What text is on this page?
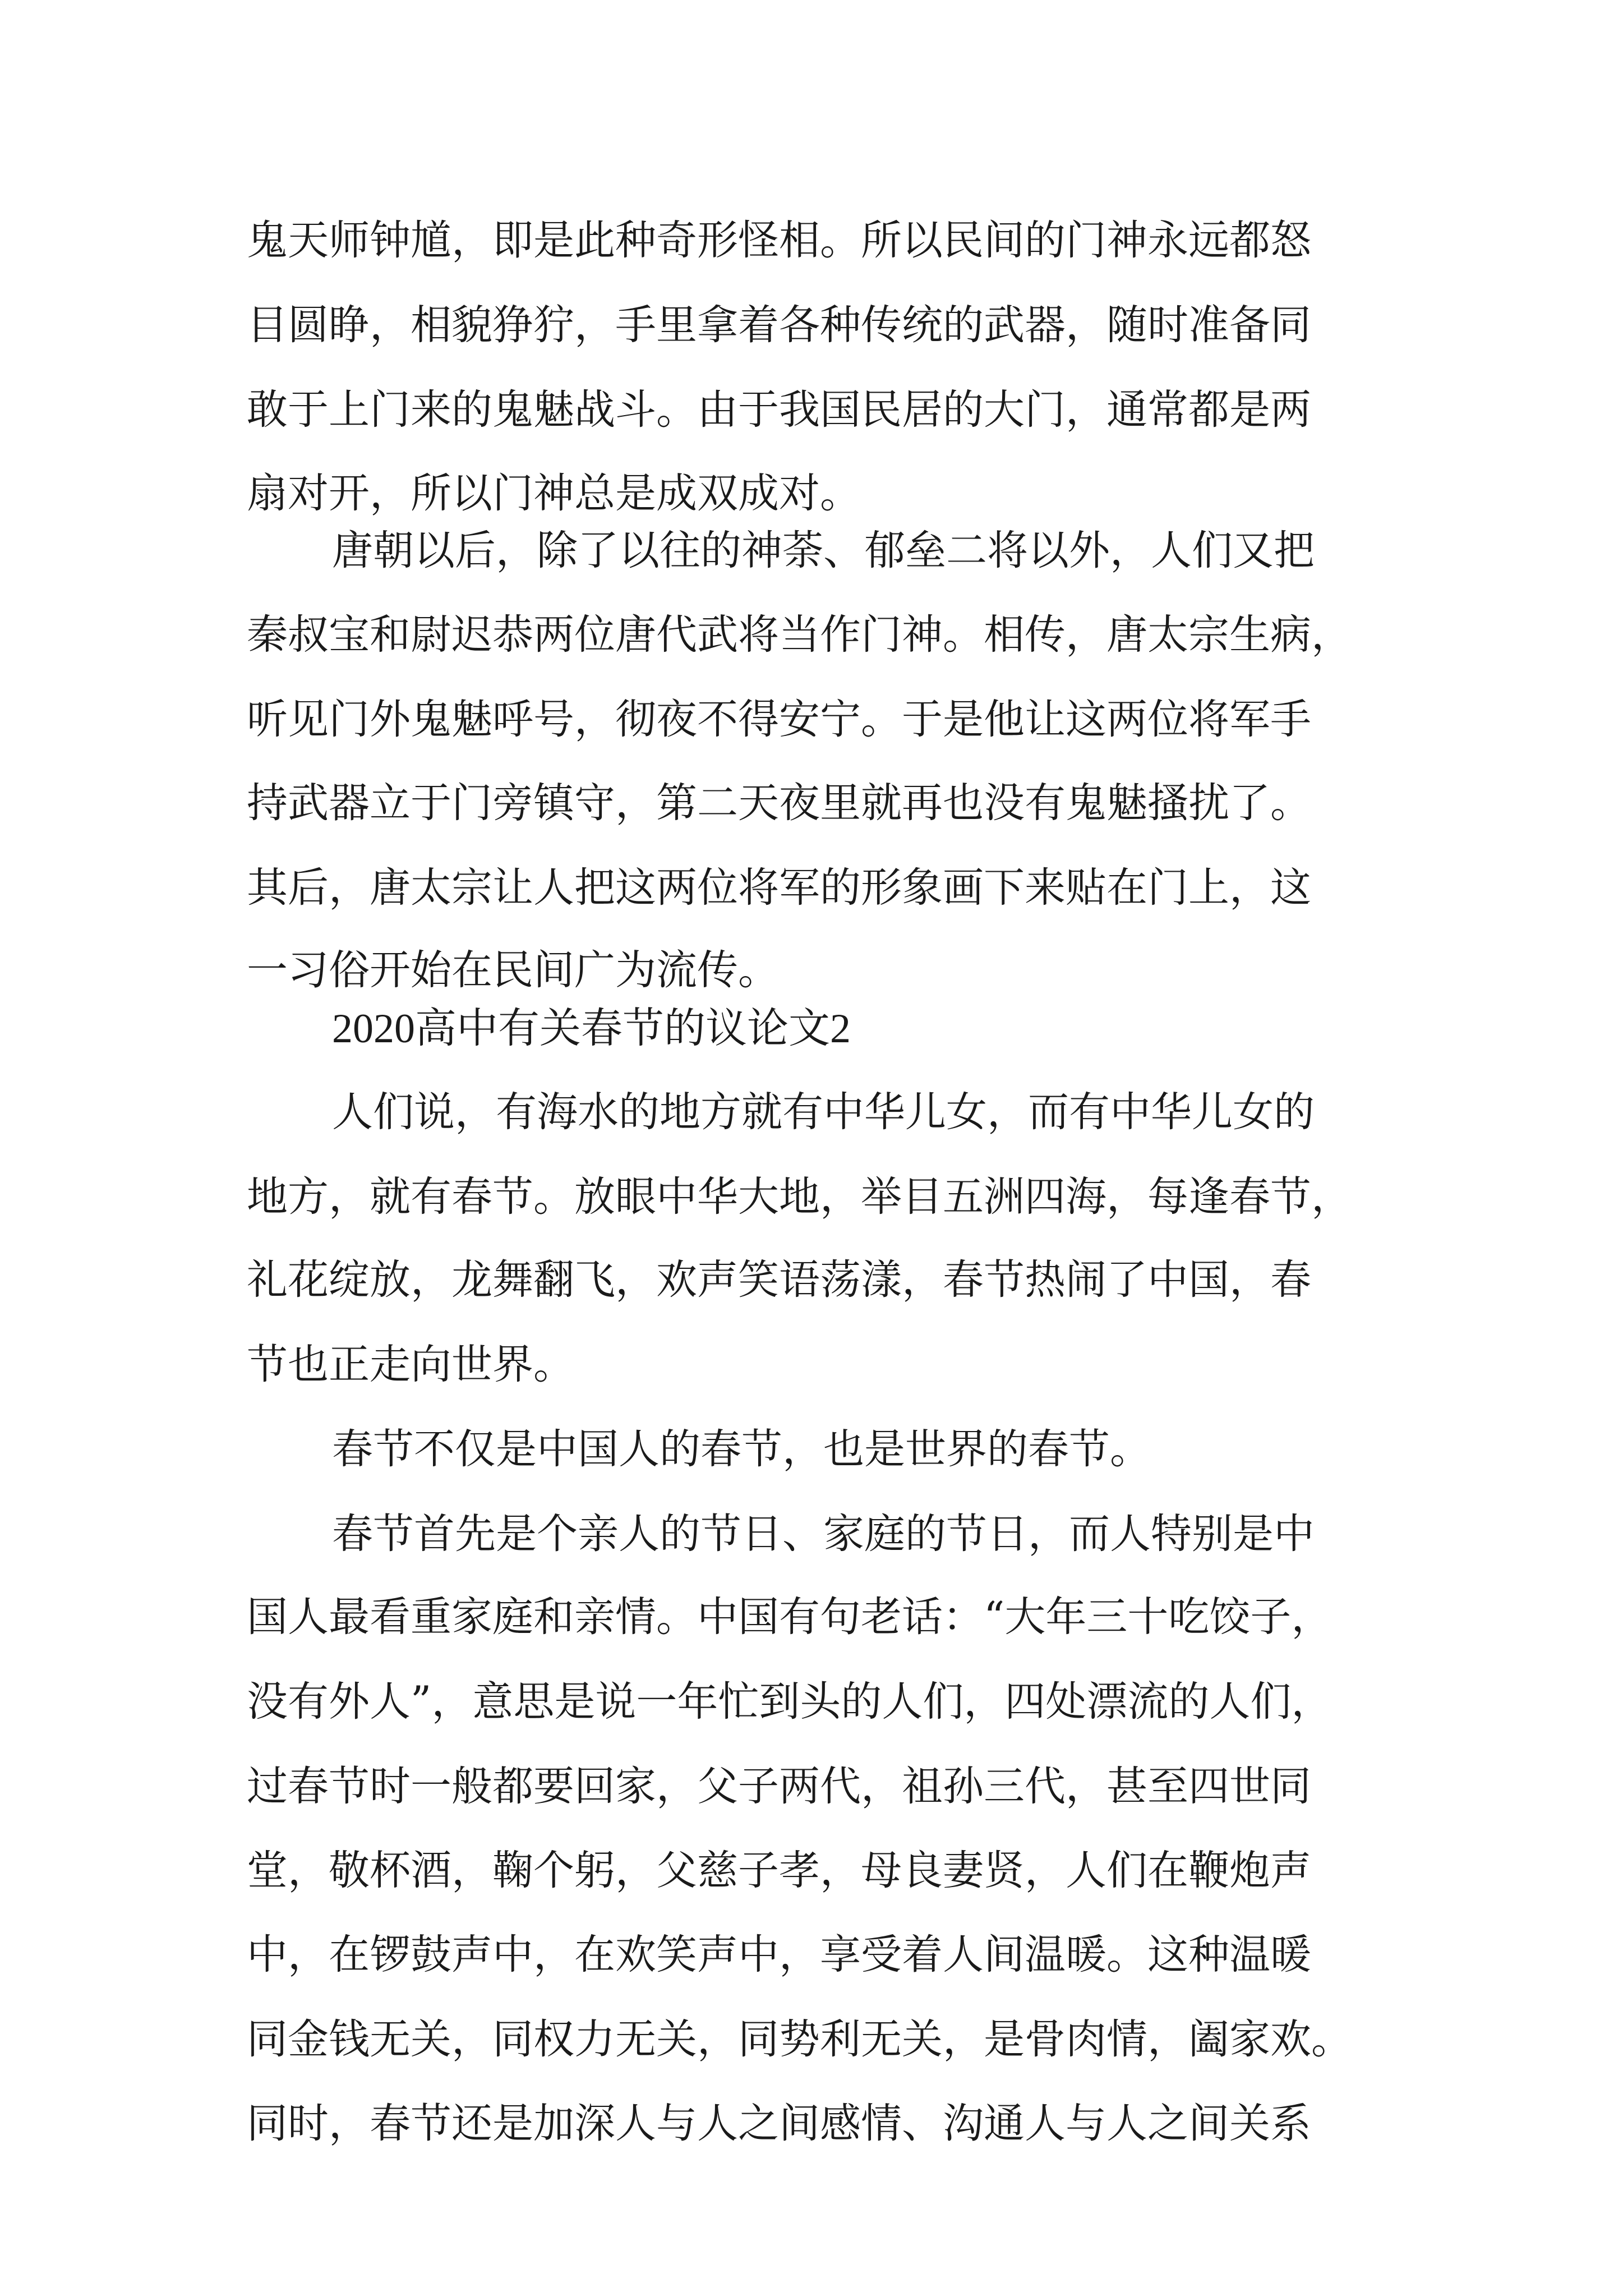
鬼天师钟馗，即是此种奇形怪相。所以民间的门神永远都怒

目圆睁，相貌狰狞，手里拿着各种传统的武器，随时准备同

敢于上门来的鬼魅战斗。由于我国民居的大门，通常都是两

扇对开，所以门神总是成双成对。

唐朝以后，除了以往的神荼、郁垒二将以外，人们又把

秦叔宝和尉迟恭两位唐代武将当作门神。相传，唐太宗生病，

听见门外鬼魅呼号，彻夜不得安宁。于是他让这两位将军手

持武器立于门旁镇守，第二天夜里就再也没有鬼魅搔扰了。

其后，唐太宗让人把这两位将军的形象画下来贴在门上，这

一习俗开始在民间广为流传。

2020高中有关春节的议论文2

人们说，有海水的地方就有中华儿女，而有中华儿女的

地方，就有春节。放眼中华大地，举目五洲四海，每逢春节，

礼花绽放，龙舞翻飞，欢声笑语荡漾，春节热闹了中国，春

节也正走向世界。

春节不仅是中国人的春节，也是世界的春节。

春节首先是个亲人的节日、家庭的节日，而人特别是中

国人最看重家庭和亲情。中国有句老话：“大年三十吃饺子，

没有外人”，意思是说一年忙到头的人们，四处漂流的人们，

过春节时一般都要回家，父子两代，祖孙三代，甚至四世同

堂，敬杯酒，鞠个躬，父慈子孝，母良妻贤，人们在鞭炮声

中，在锣鼓声中，在欢笑声中，享受着人间温暖。这种温暖

同金钱无关，同权力无关，同势利无关，是骨肉情，阖家欢。

同时，春节还是加深人与人之间感情、沟通人与人之间关系
